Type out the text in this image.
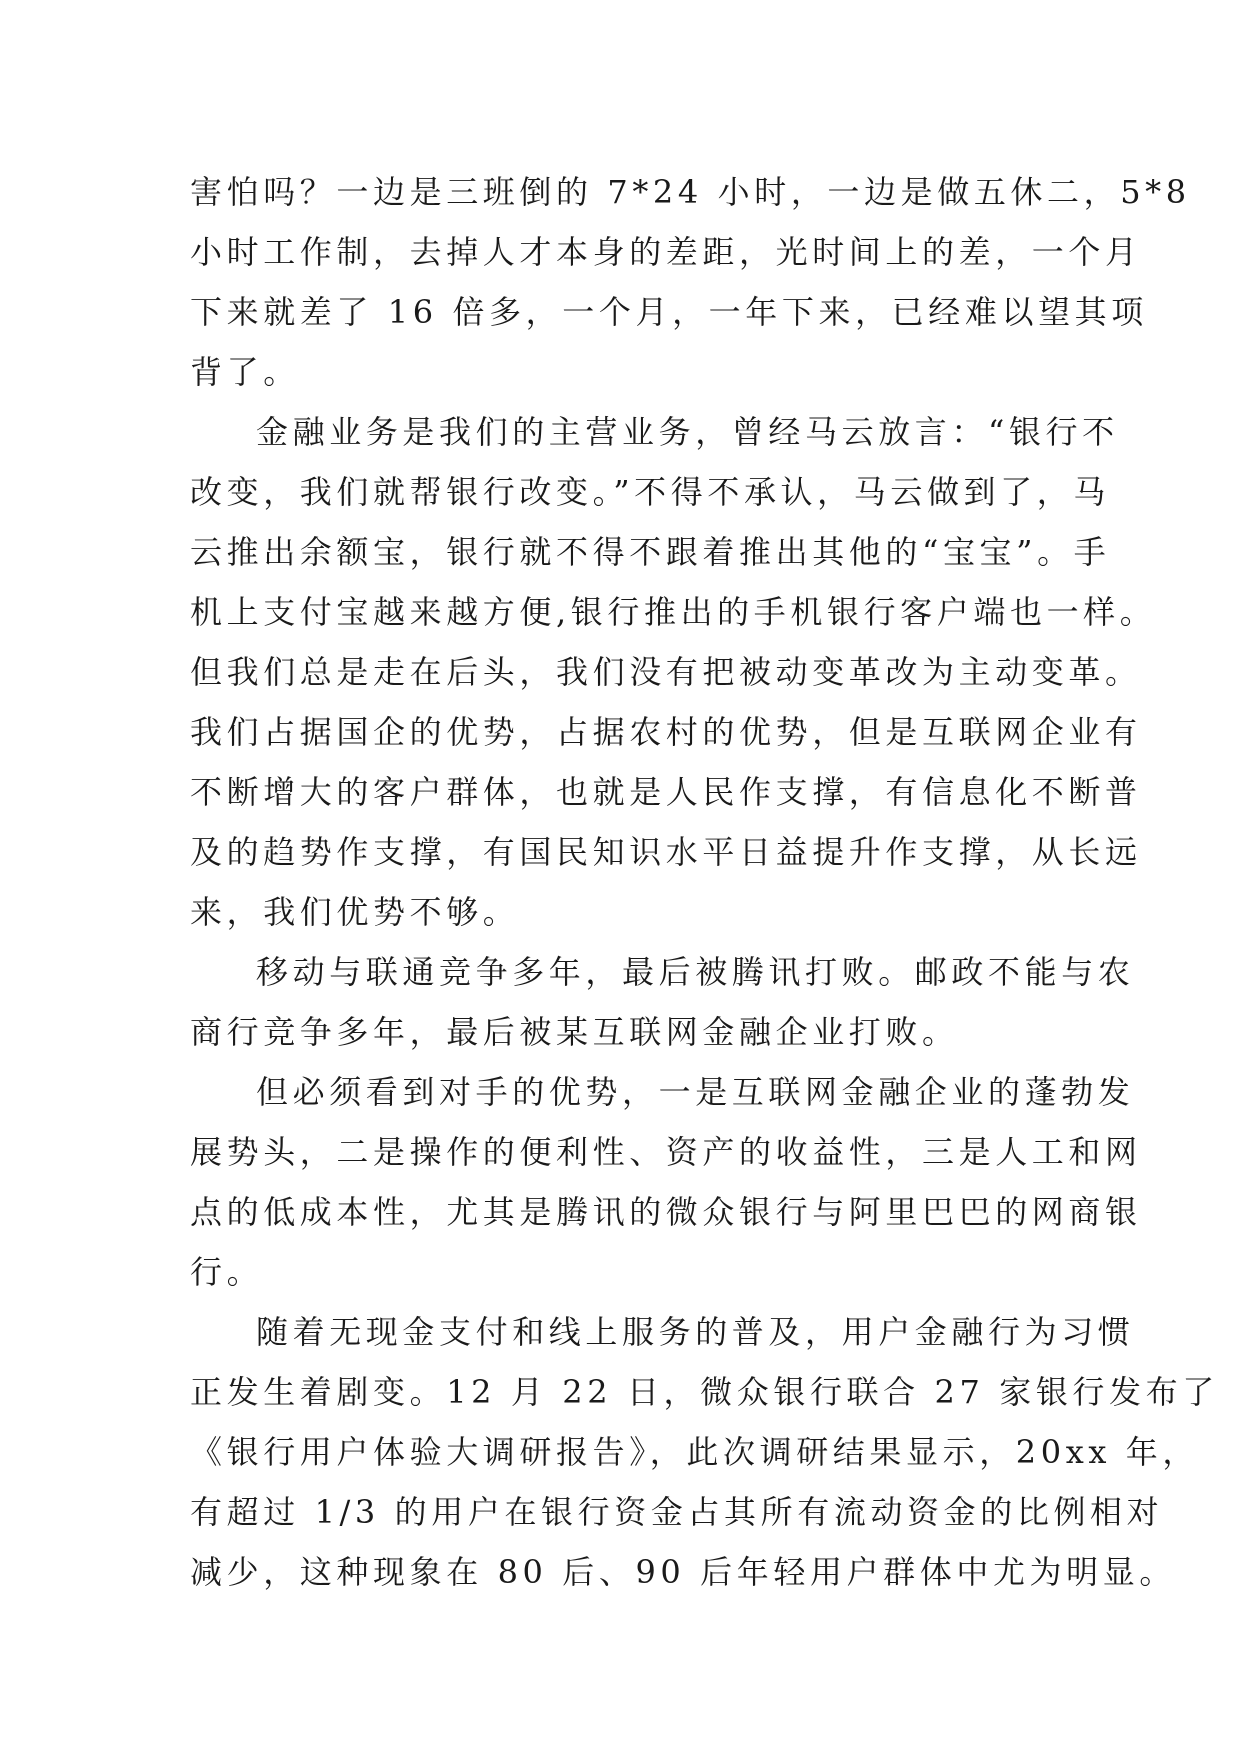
害怕吗？一边是三班倒的 7*24 小时，一边是做五休二，5*8
小时工作制，去掉人才本身的差距，光时间上的差，一个月
下来就差了 16 倍多，一个月，一年下来，已经难以望其项
背了。
金融业务是我们的主营业务，曾经马云放言：“银行不
改变，我们就帮银行改变。”不得不承认，马云做到了，马
云推出余额宝，银行就不得不跟着推出其他的“宝宝”。手
机上支付宝越来越方便,银行推出的手机银行客户端也一样。
但我们总是走在后头，我们没有把被动变革改为主动变革。
我们占据国企的优势，占据农村的优势，但是互联网企业有
不断增大的客户群体，也就是人民作支撑，有信息化不断普
及的趋势作支撑，有国民知识水平日益提升作支撑，从长远
来，我们优势不够。
移动与联通竞争多年，最后被腾讯打败。邮政不能与农
商行竞争多年，最后被某互联网金融企业打败。
但必须看到对手的优势，一是互联网金融企业的蓬勃发
展势头，二是操作的便利性、资产的收益性，三是人工和网
点的低成本性，尤其是腾讯的微众银行与阿里巴巴的网商银
行。
随着无现金支付和线上服务的普及，用户金融行为习惯
正发生着剧变。12 月 22 日，微众银行联合 27 家银行发布了
《银行用户体验大调研报告》，此次调研结果显示，20xx 年，
有超过 1/3 的用户在银行资金占其所有流动资金的比例相对
减少，这种现象在 80 后、90 后年轻用户群体中尤为明显。
